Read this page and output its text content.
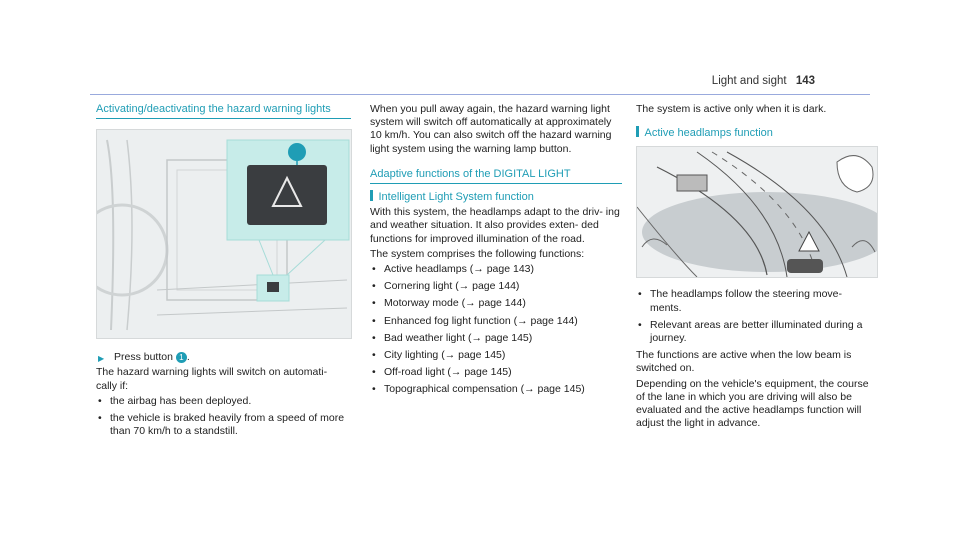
Light and sight 143
Activating/deactivating the hazard warning lights
▶ Press button 1 .

The hazard warning lights will switch on automati- cally if:

• the airbag has been deployed.
• the vehicle is braked heavily from a speed of more than 70 km/h to a standstill.

When you pull away again, the hazard warning light system will switch off automatically at approximately 10 km/h. You can also switch off the hazard warning light system using the warning lamp button.

Adaptive functions of the DIGITAL LIGHT
Intelligent Light System function

With this system, the headlamps adapt to the driv- ing and weather situation. It also provides exten- ded functions for improved illumination of the road.

The system comprises the following functions:

• Active headlamps (→ page 143)
• Cornering light (→ page 144)
• Motorway mode (→ page 144)
• Enhanced fog light function (→ page 144)
• Bad weather light (→ page 145)
• City lighting (→ page 145)
• Off-road light (→ page 145)
• Topographical compensation (→ page 145)

The system is active only when it is dark.

Active headlamps function
• The headlamps follow the steering move- ments.
• Relevant areas are better illuminated during a journey.

The functions are active when the low beam is switched on.

Depending on the vehicle's equipment, the course of the lane in which you are driving will also be evaluated and the active headlamps function will adjust the light in advance.
